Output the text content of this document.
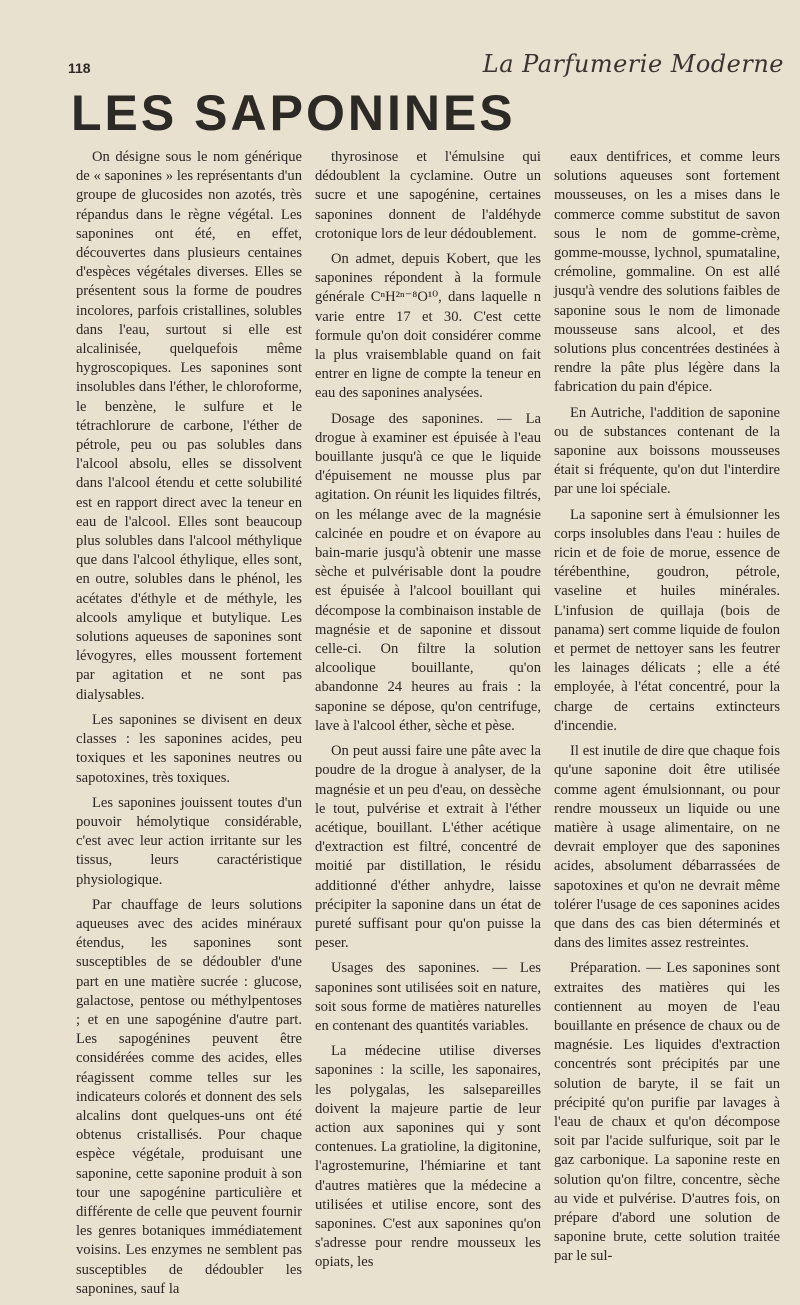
118	La Parfumerie Moderne
LES SAPONINES

On désigne sous le nom générique de « saponines » les représentants d'un groupe de glucosides non azotés, très répandus dans le règne végétal. Les saponines ont été, en effet, découvertes dans plusieurs centaines d'espèces végétales diverses. Elles se présentent sous la forme de poudres incolores, parfois cristallines, solubles dans l'eau, surtout si elle est alcalinisée, quelquefois même hygroscopiques. Les saponines sont insolubles dans l'éther, le chloroforme, le benzène, le sulfure et le tétrachlorure de carbone, l'éther de pétrole, peu ou pas solubles dans l'alcool absolu, elles se dissolvent dans l'alcool étendu et cette solubilité est en rapport direct avec la teneur en eau de l'alcool. Elles sont beaucoup plus solubles dans l'alcool méthylique que dans l'alcool éthylique, elles sont, en outre, solubles dans le phénol, les acétates d'éthyle et de méthyle, les alcools amylique et butylique. Les solutions aqueuses de saponines sont lévogyres, elles moussent fortement par agitation et ne sont pas dialysables.

Les saponines se divisent en deux classes : les saponines acides, peu toxiques et les saponines neutres ou sapotoxines, très toxiques.

Les saponines jouissent toutes d'un pouvoir hémolytique considérable, c'est avec leur action irritante sur les tissus, leurs caractéristique physiologique.

Par chauffage de leurs solutions aqueuses avec des acides minéraux étendus, les saponines sont susceptibles de se dédoubler d'une part en une matière sucrée : glucose, galactose, pentose ou méthylpentoses ; et en une sapogénine d'autre part. Les sapogénines peuvent être considérées comme des acides, elles réagissent comme telles sur les indicateurs colorés et donnent des sels alcalins dont quelques-uns ont été obtenus cristallisés. Pour chaque espèce végétale, produisant une saponine, cette saponine produit à son tour une sapogénine particulière et différente de celle que peuvent fournir les genres botaniques immédiatement voisins. Les enzymes ne semblent pas susceptibles de dédoubler les saponines, sauf la

thyrosinose et l'émulsine qui dédoublent la cyclamine. Outre un sucre et une sapogénine, certaines saponines donnent de l'aldéhyde crotonique lors de leur dédoublement.

On admet, depuis Kobert, que les saponines répondent à la formule générale CⁿH²ⁿ⁻⁸O¹⁰, dans laquelle n varie entre 17 et 30. C'est cette formule qu'on doit considérer comme la plus vraisemblable quand on fait entrer en ligne de compte la teneur en eau des saponines analysées.

Dosage des saponines. — La drogue à examiner est épuisée à l'eau bouillante jusqu'à ce que le liquide d'épuisement ne mousse plus par agitation. On réunit les liquides filtrés, on les mélange avec de la magnésie calcinée en poudre et on évapore au bain-marie jusqu'à obtenir une masse sèche et pulvérisable dont la poudre est épuisée à l'alcool bouillant qui décompose la combinaison instable de magnésie et de saponine et dissout celle-ci. On filtre la solution alcoolique bouillante, qu'on abandonne 24 heures au frais : la saponine se dépose, qu'on centrifuge, lave à l'alcool éther, sèche et pèse.

On peut aussi faire une pâte avec la poudre de la drogue à analyser, de la magnésie et un peu d'eau, on dessèche le tout, pulvérise et extrait à l'éther acétique, bouillant. L'éther acétique d'extraction est filtré, concentré de moitié par distillation, le résidu additionné d'éther anhydre, laisse précipiter la saponine dans un état de pureté suffisant pour qu'on puisse la peser.

Usages des saponines. — Les saponines sont utilisées soit en nature, soit sous forme de matières naturelles en contenant des quantités variables.

La médecine utilise diverses saponines : la scille, les saponaires, les polygalas, les salsepareilles doivent la majeure partie de leur action aux saponines qui y sont contenues. La gratioline, la digitonine, l'agrostemurine, l'hémiarine et tant d'autres matières que la médecine a utilisées et utilise encore, sont des saponines. C'est aux saponines qu'on s'adresse pour rendre mousseux les opiats, les

eaux dentifrices, et comme leurs solutions aqueuses sont fortement mousseuses, on les a mises dans le commerce comme substitut de savon sous le nom de gomme-crème, gomme-mousse, lychnol, spumataline, crémoline, gommaline. On est allé jusqu'à vendre des solutions faibles de saponine sous le nom de limonade mousseuse sans alcool, et des solutions plus concentrées destinées à rendre la pâte plus légère dans la fabrication du pain d'épice.

En Autriche, l'addition de saponine ou de substances contenant de la saponine aux boissons mousseuses était si fréquente, qu'on dut l'interdire par une loi spéciale.

La saponine sert à émulsionner les corps insolubles dans l'eau : huiles de ricin et de foie de morue, essence de térébenthine, goudron, pétrole, vaseline et huiles minérales. L'infusion de quillaja (bois de panama) sert comme liquide de foulon et permet de nettoyer sans les feutrer les lainages délicats ; elle a été employée, à l'état concentré, pour la charge de certains extincteurs d'incendie.

Il est inutile de dire que chaque fois qu'une saponine doit être utilisée comme agent émulsionnant, ou pour rendre mousseux un liquide ou une matière à usage alimentaire, on ne devrait employer que des saponines acides, absolument débarrassées de sapotoxines et qu'on ne devrait même tolérer l'usage de ces saponines acides que dans des cas bien déterminés et dans des limites assez restreintes.

Préparation. — Les saponines sont extraites des matières qui les contiennent au moyen de l'eau bouillante en présence de chaux ou de magnésie. Les liquides d'extraction concentrés sont précipités par une solution de baryte, il se fait un précipité qu'on purifie par lavages à l'eau de chaux et qu'on décompose soit par l'acide sulfurique, soit par le gaz carbonique. La saponine reste en solution qu'on filtre, concentre, sèche au vide et pulvérise. D'autres fois, on prépare d'abord une solution de saponine brute, cette solution traitée par le sul-
